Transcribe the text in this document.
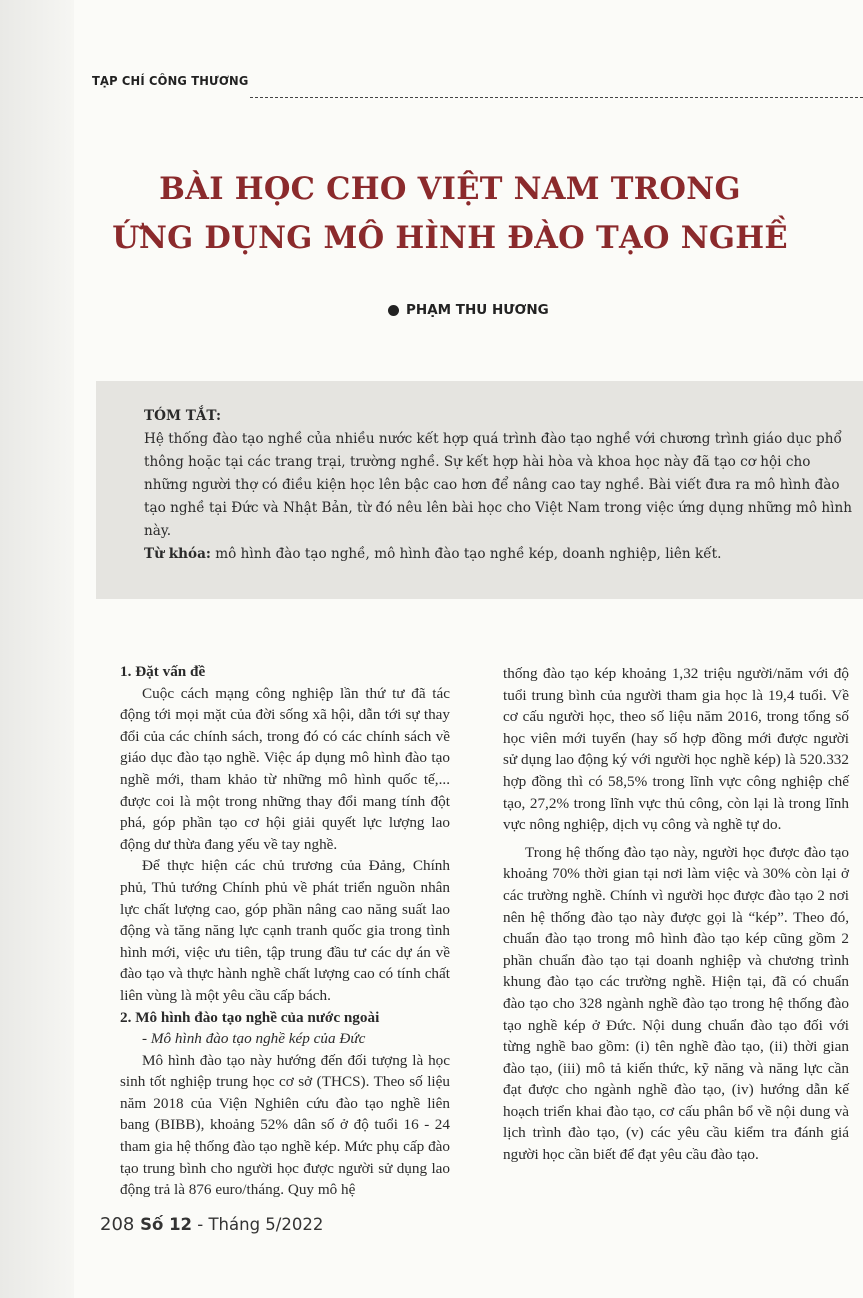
TẠP CHÍ CÔNG THƯƠNG
BÀI HỌC CHO VIỆT NAM TRONG
ỨNG DỤNG MÔ HÌNH ĐÀO TẠO NGHỀ
PHẠM THU HƯƠNG
TÓM TẮT:
Hệ thống đào tạo nghề của nhiều nước kết hợp quá trình đào tạo nghề với chương trình giáo dục phổ thông hoặc tại các trang trại, trường nghề. Sự kết hợp hài hòa và khoa học này đã tạo cơ hội cho những người thợ có điều kiện học lên bậc cao hơn để nâng cao tay nghề. Bài viết đưa ra mô hình đào tạo nghề tại Đức và Nhật Bản, từ đó nêu lên bài học cho Việt Nam trong việc ứng dụng những mô hình này.
Từ khóa: mô hình đào tạo nghề, mô hình đào tạo nghề kép, doanh nghiệp, liên kết.

1. Đặt vấn đề

Cuộc cách mạng công nghiệp lần thứ tư đã tác động tới mọi mặt của đời sống xã hội, dẫn tới sự thay đổi của các chính sách, trong đó có các chính sách về giáo dục đào tạo nghề. Việc áp dụng mô hình đào tạo nghề mới, tham khảo từ những mô hình quốc tế,... được coi là một trong những thay đổi mang tính đột phá, góp phần tạo cơ hội giải quyết lực lượng lao động dư thừa đang yếu về tay nghề.

Để thực hiện các chủ trương của Đảng, Chính phủ, Thủ tướng Chính phủ về phát triển nguồn nhân lực chất lượng cao, góp phần nâng cao năng suất lao động và tăng năng lực cạnh tranh quốc gia trong tình hình mới, việc ưu tiên, tập trung đầu tư các dự án về đào tạo và thực hành nghề chất lượng cao có tính chất liên vùng là một yêu cầu cấp bách.

2. Mô hình đào tạo nghề của nước ngoài

- Mô hình đào tạo nghề kép của Đức

Mô hình đào tạo này hướng đến đối tượng là học sinh tốt nghiệp trung học cơ sở (THCS). Theo số liệu năm 2018 của Viện Nghiên cứu đào tạo nghề liên bang (BIBB), khoảng 52% dân số ở độ tuổi 16 - 24 tham gia hệ thống đào tạo nghề kép. Mức phụ cấp đào tạo trung bình cho người học được người sử dụng lao động trả là 876 euro/tháng. Quy mô hệ

thống đào tạo kép khoảng 1,32 triệu người/năm với độ tuổi trung bình của người tham gia học là 19,4 tuổi. Về cơ cấu người học, theo số liệu năm 2016, trong tổng số học viên mới tuyển (hay số hợp đồng mới được người sử dụng lao động ký với người học nghề kép) là 520.332 hợp đồng thì có 58,5% trong lĩnh vực công nghiệp chế tạo, 27,2% trong lĩnh vực thủ công, còn lại là trong lĩnh vực nông nghiệp, dịch vụ công và nghề tự do.

Trong hệ thống đào tạo này, người học được đào tạo khoảng 70% thời gian tại nơi làm việc và 30% còn lại ở các trường nghề. Chính vì người học được đào tạo 2 nơi nên hệ thống đào tạo này được gọi là “kép”. Theo đó, chuẩn đào tạo trong mô hình đào tạo kép cũng gồm 2 phần chuẩn đào tạo tại doanh nghiệp và chương trình khung đào tạo các trường nghề. Hiện tại, đã có chuẩn đào tạo cho 328 ngành nghề đào tạo trong hệ thống đào tạo nghề kép ở Đức. Nội dung chuẩn đào tạo đối với từng nghề bao gồm: (i) tên nghề đào tạo, (ii) thời gian đào tạo, (iii) mô tả kiến thức, kỹ năng và năng lực cần đạt được cho ngành nghề đào tạo, (iv) hướng dẫn kế hoạch triển khai đào tạo, cơ cấu phân bổ về nội dung và lịch trình đào tạo, (v) các yêu cầu kiểm tra đánh giá người học cần biết để đạt yêu cầu đào tạo.

208 Số 12 - Tháng 5/2022
